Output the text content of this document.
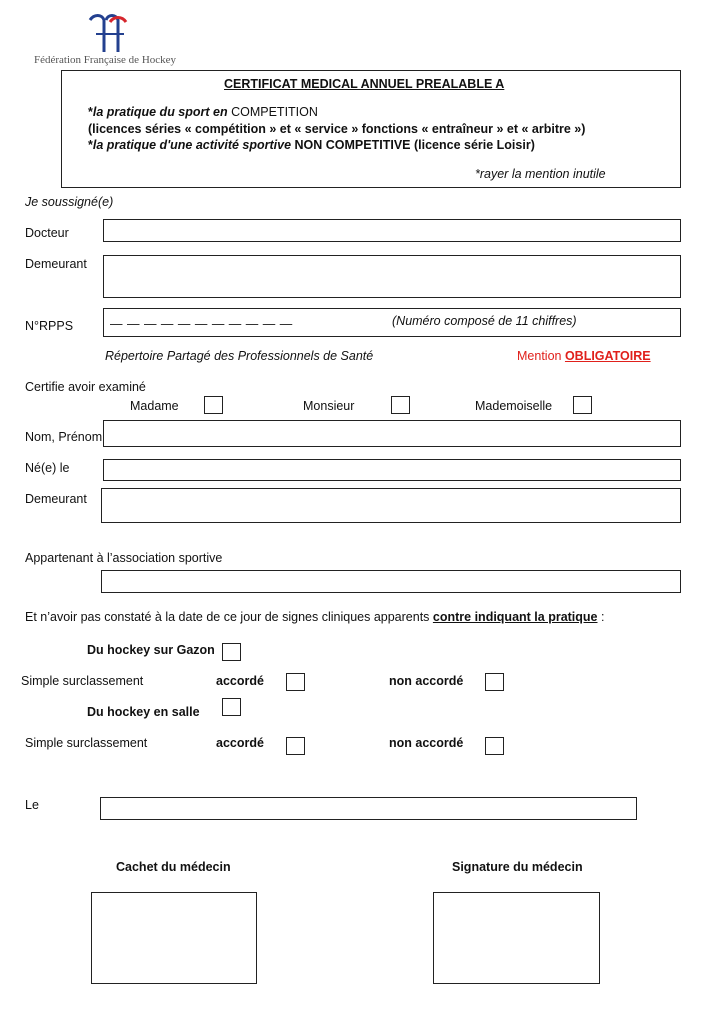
Fédération Française de Hockey
CERTIFICAT MEDICAL ANNUEL PREALABLE A
*la pratique du sport en COMPETITION
(licences séries « compétition » et « service » fonctions « entraîneur » et « arbitre »)
*la pratique d'une activité sportive NON COMPETITIVE (licence série Loisir)
*rayer la mention inutile
Je soussigné(e)
Docteur
Demeurant
N°RPPS	— — — — — — — — — — —	(Numéro composé de 11 chiffres)
Répertoire Partagé des Professionnels de Santé	Mention OBLIGATOIRE
Certifie avoir examiné
Madame	Monsieur	Mademoiselle
Nom, Prénom
Né(e) le
Demeurant
Appartenant à l’association sportive
Et n’avoir pas constaté à la date de ce jour de signes cliniques apparents contre indiquant la pratique :
Du hockey sur Gazon
Simple surclassement	accordé	non accordé
Du hockey en salle
Simple surclassement	accordé	non accordé
Le
Cachet du médecin	Signature du médecin
